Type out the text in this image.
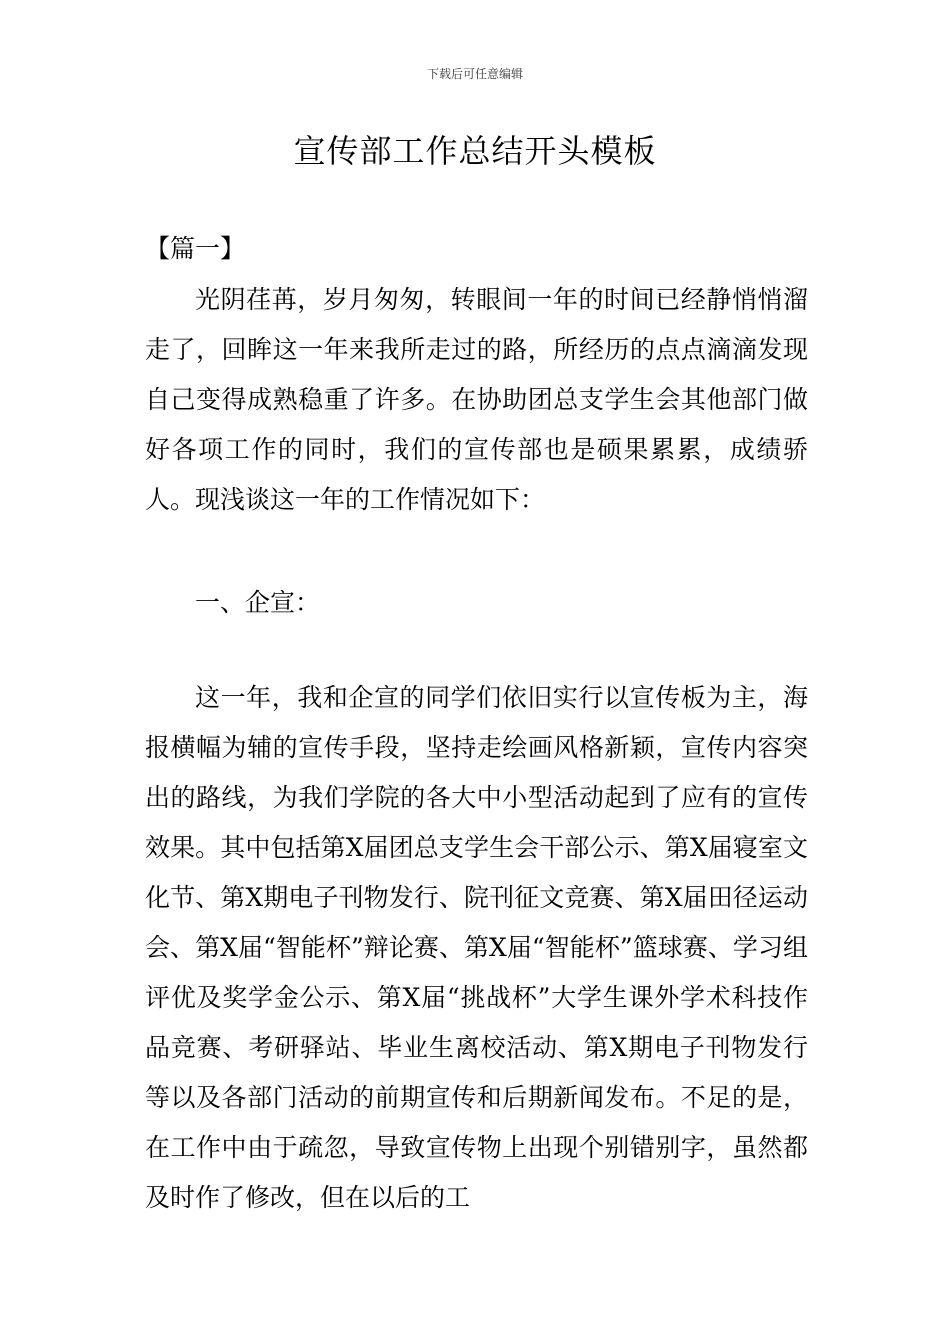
下载后可任意编辑
宣传部工作总结开头模板
【篇一】

光阴荏苒，岁月匆匆，转眼间一年的时间已经静悄悄溜走了，回眸这一年来我所走过的路，所经历的点点滴滴发现自己变得成熟稳重了许多。在协助团总支学生会其他部门做好各项工作的同时，我们的宣传部也是硕果累累，成绩骄人。现浅谈这一年的工作情况如下：

一、企宣：

这一年，我和企宣的同学们依旧实行以宣传板为主，海报横幅为辅的宣传手段，坚持走绘画风格新颖，宣传内容突出的路线，为我们学院的各大中小型活动起到了应有的宣传效果。其中包括第X届团总支学生会干部公示、第X届寝室文化节、第X期电子刊物发行、院刊征文竞赛、第X届田径运动会、第X届“智能杯”辩论赛、第X届“智能杯”篮球赛、学习组评优及奖学金公示、第X届“挑战杯”大学生课外学术科技作品竞赛、考研驿站、毕业生离校活动、第X期电子刊物发行等以及各部门活动的前期宣传和后期新闻发布。不足的是，在工作中由于疏忽，导致宣传物上出现个别错别字，虽然都及时作了修改，但在以后的工
